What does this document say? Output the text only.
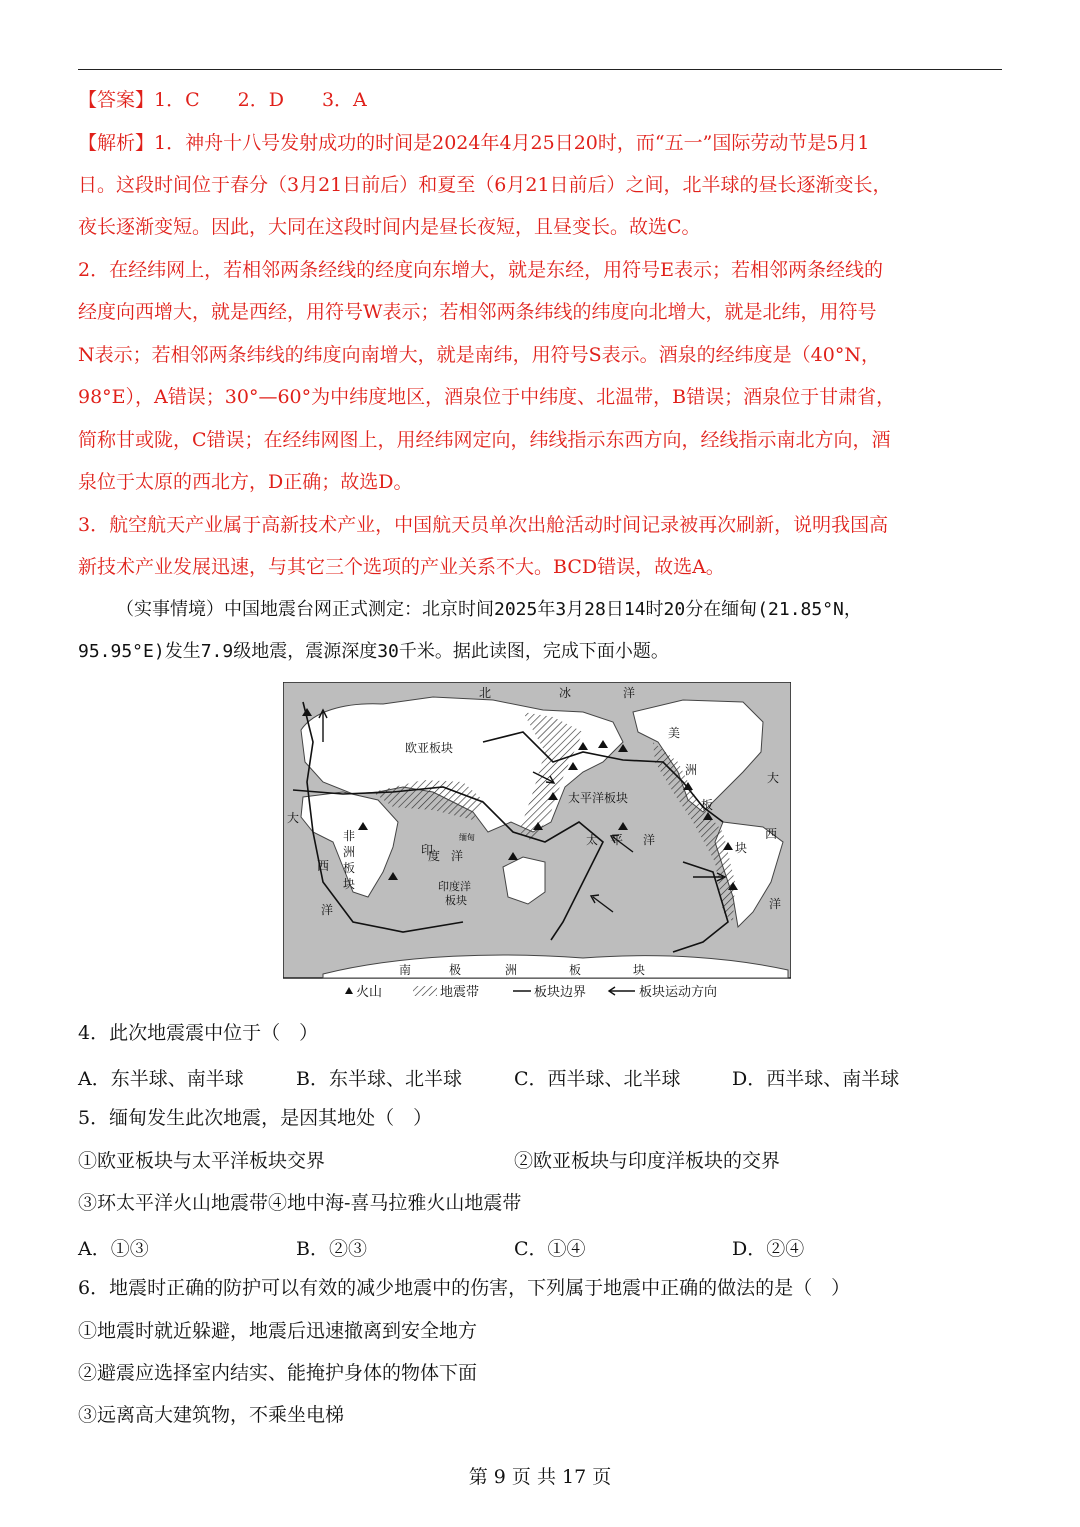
【答案】1．C　　2．D　　3．A
【解析】1．神舟十八号发射成功的时间是2024年4月25日20时，而“五一”国际劳动节是5月1
日。这段时间位于春分（3月21日前后）和夏至（6月21日前后）之间，北半球的昼长逐渐变长，
夜长逐渐变短。因此，大同在这段时间内是昼长夜短，且昼变长。故选C。
2．在经纬网上，若相邻两条经线的经度向东增大，就是东经，用符号E表示；若相邻两条经线的
经度向西增大，就是西经，用符号W表示；若相邻两条纬线的纬度向北增大，就是北纬，用符号
N表示；若相邻两条纬线的纬度向南增大，就是南纬，用符号S表示。酒泉的经纬度是（40°N，
98°E），A错误；30°—60°为中纬度地区，酒泉位于中纬度、北温带，B错误；酒泉位于甘肃省，
简称甘或陇，C错误；在经纬网图上，用经纬网定向，纬线指示东西方向，经线指示南北方向，酒
泉位于太原的西北方，D正确；故选D。
3．航空航天产业属于高新技术产业，中国航天员单次出舱活动时间记录被再次刷新，说明我国高
新技术产业发展迅速，与其它三个选项的产业关系不大。BCD错误，故选A。
（实事情境）中国地震台网正式测定：北京时间2025年3月28日14时20分在缅甸(21.85°N，
95.95°E)发生7.9级地震，震源深度30千米。据此读图，完成下面小题。
北	冰	洋
欧亚板块
美
洲
板
块
太平洋板块
太 平 洋
非
洲
板
块
印
度 洋
印度洋
板块
缅甸
大
西
洋
大
西
洋
南	极	洲	板	块
火山	地震带	板块边界	板块运动方向
4．此次地震震中位于（　）
A．东半球、南半球	B．东半球、北半球	C．西半球、北半球	D．西半球、南半球
5．缅甸发生此次地震，是因其地处（　）
①欧亚板块与太平洋板块交界	②欧亚板块与印度洋板块的交界
③环太平洋火山地震带④地中海-喜马拉雅火山地震带
A．①③	B．②③	C．①④	D．②④
6．地震时正确的防护可以有效的减少地震中的伤害，下列属于地震中正确的做法的是（　）
①地震时就近躲避，地震后迅速撤离到安全地方
②避震应选择室内结实、能掩护身体的物体下面
③远离高大建筑物，不乘坐电梯
第 9 页 共 17 页
